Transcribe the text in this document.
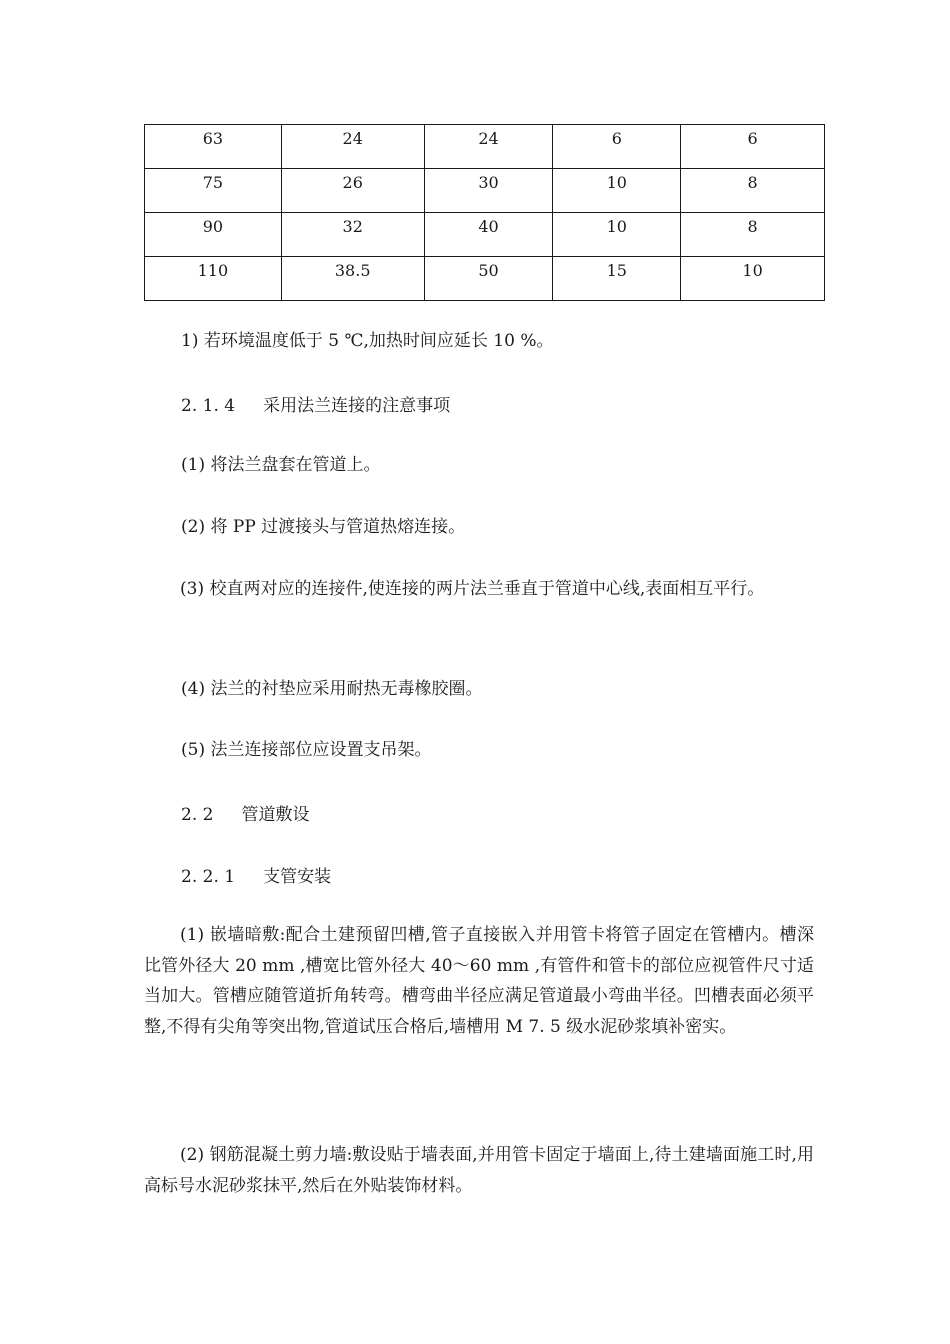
63	24	24	6	6
75	26	30	10	8
90	32	40	10	8
110	38.5	50	15	10
1) 若环境温度低于 5 ℃,加热时间应延长 10 %。
2. 1. 4 采用法兰连接的注意事项
(1) 将法兰盘套在管道上。
(2) 将 PP 过渡接头与管道热熔连接。
(3) 校直两对应的连接件,使连接的两片法兰垂直于管道中心线,表面相互平行。
(4) 法兰的衬垫应采用耐热无毒橡胶圈。
(5) 法兰连接部位应设置支吊架。
2. 2 管道敷设
2. 2. 1 支管安装
(1) 嵌墙暗敷:配合土建预留凹槽,管子直接嵌入并用管卡将管子固定在管槽内。槽深比管外径大 20 mm ,槽宽比管外径大 40～60 mm ,有管件和管卡的部位应视管件尺寸适当加大。管槽应随管道折角转弯。槽弯曲半径应满足管道最小弯曲半径。凹槽表面必须平整,不得有尖角等突出物,管道试压合格后,墙槽用 M 7. 5 级水泥砂浆填补密实。
(2) 钢筋混凝土剪力墙:敷设贴于墙表面,并用管卡固定于墙面上,待土建墙面施工时,用高标号水泥砂浆抹平,然后在外贴装饰材料。
